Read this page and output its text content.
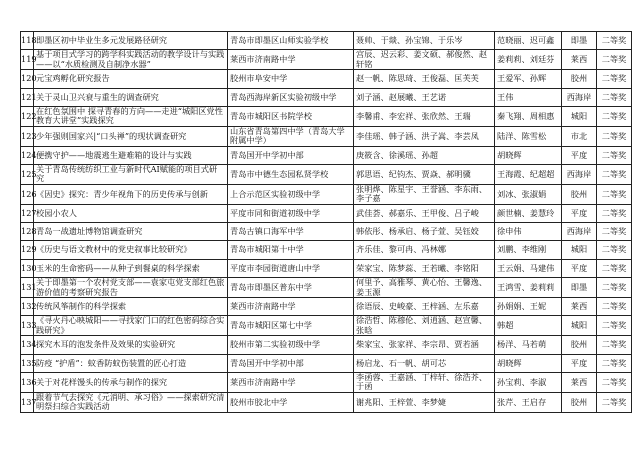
118	即墨区初中毕业生多元发展路径研究	青岛市即墨区山师实验学校	聂帅、于燚、孙宝锦、于乐岑	范晓丽、迟可鑫	即墨	二等奖
119	基于项目式学习的跨学科实践活动的教学设计与实践——以“水质检测及自制净水器”	莱西市济南路中学	宫辰、迟云彩、姜文硕、郝俊然、赵轩铭	姜莉莉、刘廷芬	莱西	二等奖
120	元宝鸡孵化研究报告	胶州市阜安中学	赵一帆、陈思琦、王俊磊、匡芙芙	王爱军、孙辉	胶州	二等奖
121	关于灵山卫兴衰与重生的调查研究	青岛西海岸新区实验初级中学	刘子涵、赵展曦、王艺诺	王伟	西海岸	二等奖
122	在红色氛围中 探寻青春的方向——走进“城阳区党性教育大讲堂”实践探究	青岛市城阳区书院学校	李馨甫、李宏祥、张欣然、王瑞	秦飞翔、周相惠	城阳	二等奖
123	少年强则国家兴|“口头禅”的现状调查研究	山东省青岛第四中学（青岛大学附属中学）	李佳瑶、韩子涵、洪子嵩、李芸凤	陆洋、陈雪松	市北	二等奖
124	便携守护——地震逃生避难箱的设计与实践	青岛国开中学初中部	庚筱含、徐溪瑶、孙超	胡晓辉	平度	二等奖
125	关于青岛传统纺织工业与新时代AI赋能的项目式研究	青岛市中德生态园私贤学校	郭思语、纪钧杰、贾焱、郝明骥	王海霞、纪超超	西海岸	二等奖
126	《因史》探究：青少年视角下的历史传承与创新	上合示范区实验初级中学	张明烨、陈星宇、王誉涵、李东雨、李子嘉	刘冰、张淑娟	胶州	二等奖
127	校园小农人	平度市同和街道初级中学	武佳荟、郝嘉乐、王甲俊、吕子峻	颜世楠、姜慧玲	平度	二等奖
128	青岛一战遗址博物馆调查研究	青岛古镇口海军中学	韩依彤、杨承启、杨子萱、吴钰姣	徐申伟	西海岸	二等奖
129	《历史与语文教材中的党史叙事比较研究》	青岛市城阳第十中学	齐乐佳、黎可冉、冯林娜	刘鹏、李维刚	城阳	二等奖
130	玉米的生命密码——从种子到餐桌的科学探索	平度市李园街道唐山中学	荣家宝、陈梦蕊、王若曦、李铭阳	王云娟、马建伟	平度	二等奖
131	关于即墨第一个农村党支部——袁家屯党支部红色旅游价值的考察研究报告	青岛市即墨区普东中学	何里予、高雅琴、黄心怡、王馨逸、姜玉源	王鸿雪、姜莉莉	即墨	二等奖
132	传统风筝制作的科学探索	莱西市济南路中学	徐语辰、史峻豪、王梓涵、左乐嘉	孙娟娟、王妮	莱西	二等奖
133	《寻火丹心映城阳——寻找家门口的红色密码综合实践研究》	青岛市城阳区第七中学	徐浩哲、陈穆伦、刘逍涵、赵宣馨、张晗	韩超	城阳	二等奖
134	探究木耳的泡发条件及效果的实验研究	胶州市第二实验初级中学	柴家宝、张家祥、李宗昂、贾若涵	杨洋、马若萌	胶州	二等奖
135	防疫 “护盾”：蚊香防蚊伤装置的匠心打造	青岛国开中学初中部	杨启龙、石一帆、胡可芯	胡晓辉	平度	二等奖
136	关于对花样馒头的传承与制作的探究	莱西市济南路中学	李函蓉、王嘉涵、丁梓轩、徐浩芥、于函	孙宝莉、李淑	莱西	二等奖
137	跟着节气去探究《元消明、承习俗》——探索研究清明祭扫综合实践活动	胶州市胶北中学	谢兆阳、王梓萱、李梦婕	张芹、王启存	胶州	二等奖
